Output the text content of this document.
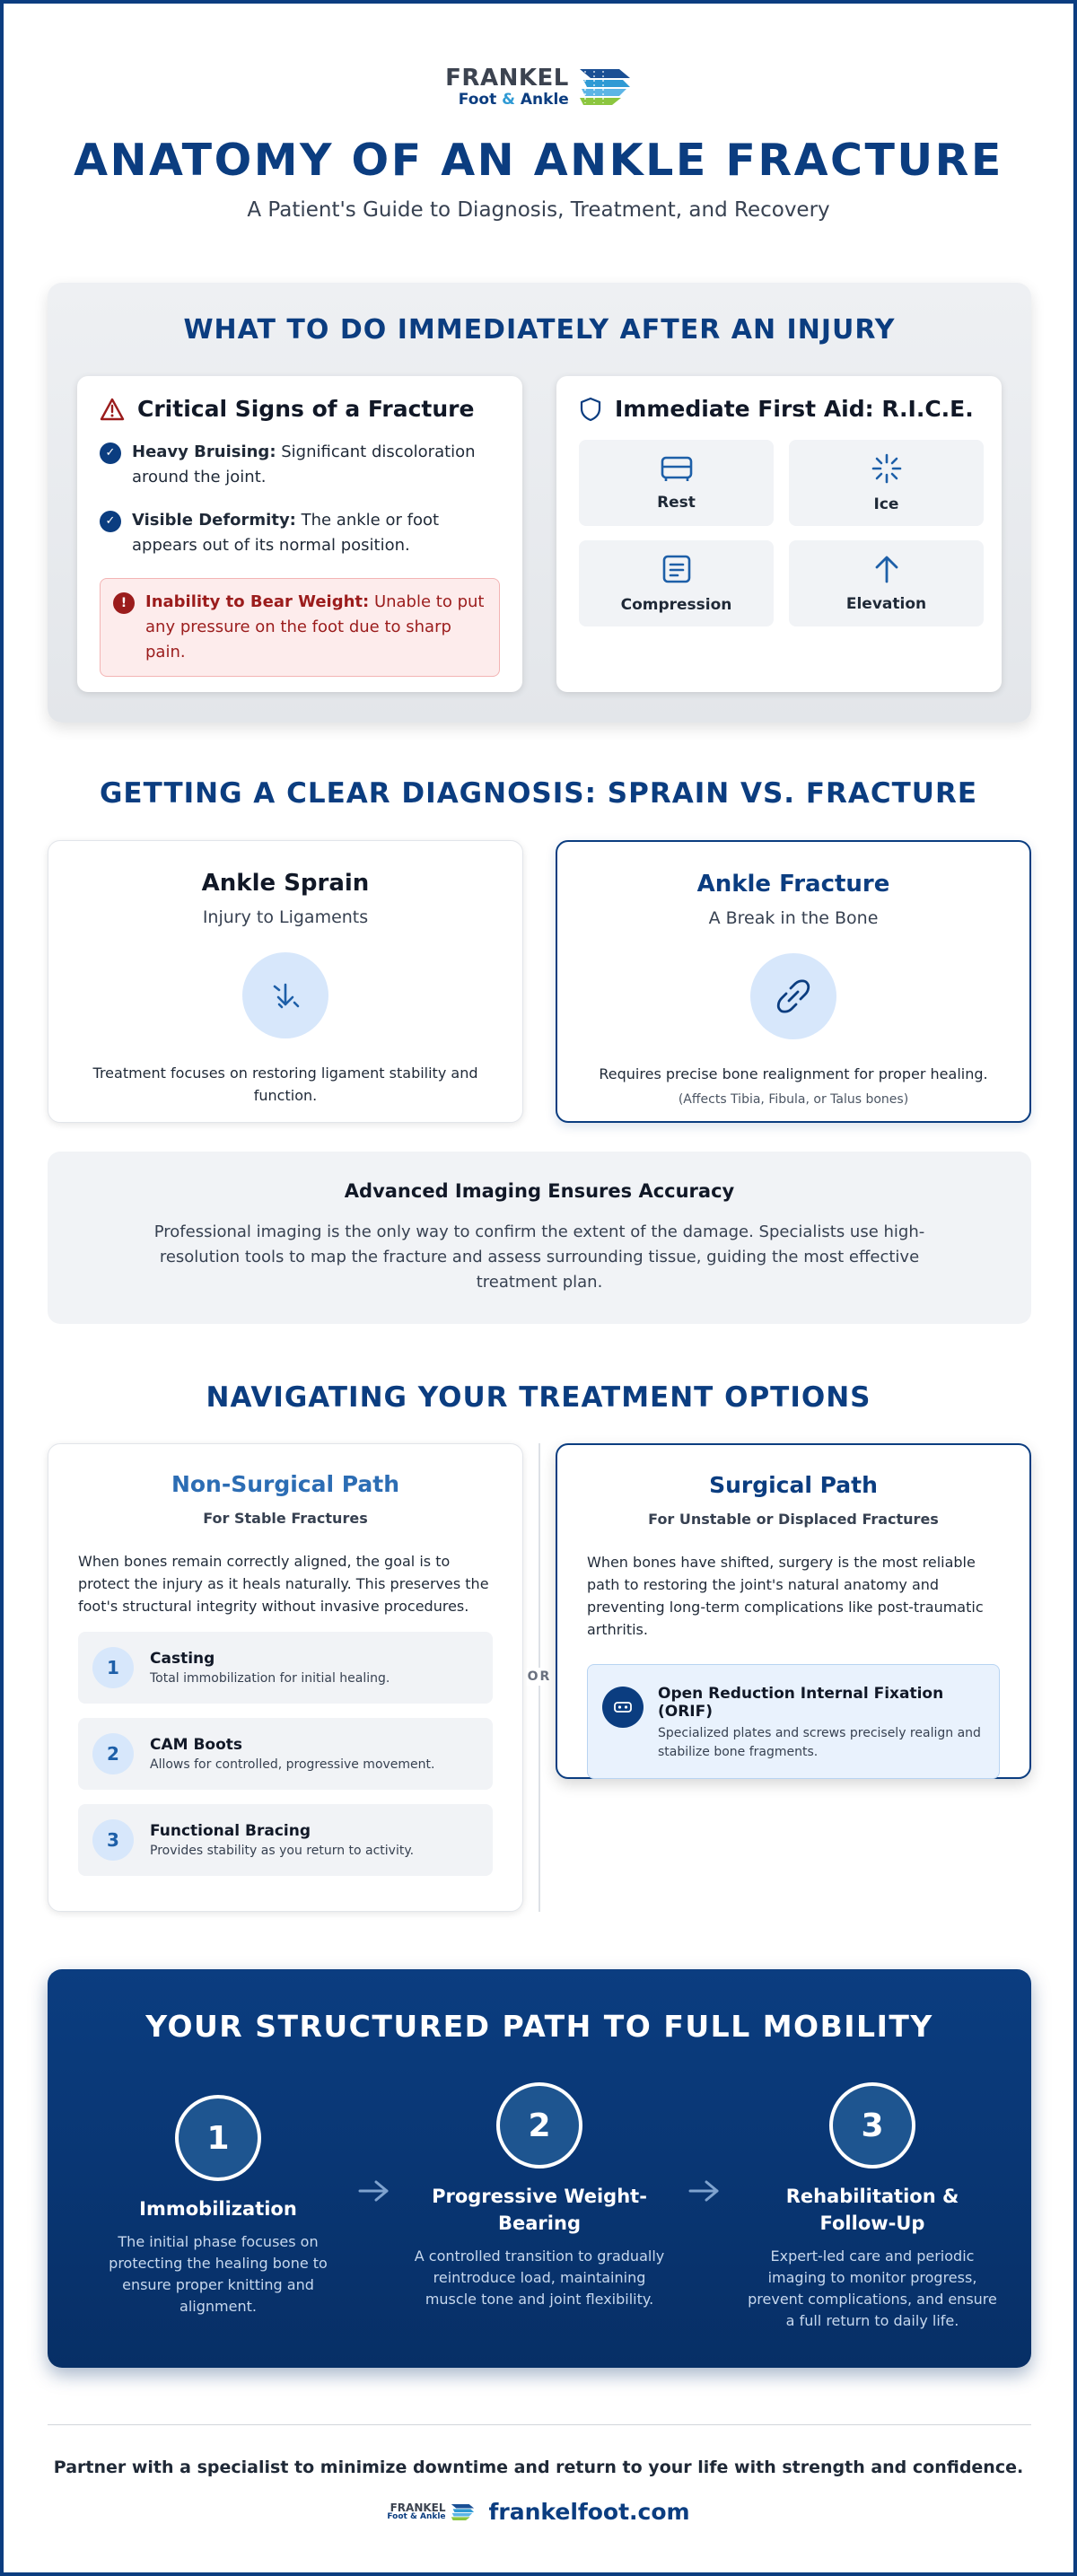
FRANKEL
Foot & Ankle
ANATOMY OF AN ANKLE FRACTURE

A Patient's Guide to Diagnosis, Treatment, and Recovery

WHAT TO DO IMMEDIATELY AFTER AN INJURY
Critical Signs of a Fracture
✓	Heavy Bruising: Significant discoloration around the joint.
✓	Visible Deformity: The ankle or foot appears out of its normal position.
!	Inability to Bear Weight: Unable to put any pressure on the foot due to sharp pain.
Immediate First Aid: R.I.C.E.
Rest	Ice
Compression	Elevation
GETTING A CLEAR DIAGNOSIS: SPRAIN VS. FRACTURE
Ankle Sprain
Injury to Ligaments

Treatment focuses on restoring ligament stability and function.

Ankle Fracture
A Break in the Bone

Requires precise bone realignment for proper healing.

(Affects Tibia, Fibula, or Talus bones)

Advanced Imaging Ensures Accuracy

Professional imaging is the only way to confirm the extent of the damage. Specialists use high-resolution tools to map the fracture and assess surrounding tissue, guiding the most effective treatment plan.

NAVIGATING YOUR TREATMENT OPTIONS
Non-Surgical Path
For Stable Fractures

When bones remain correctly aligned, the goal is to protect the injury as it heals naturally. This preserves the foot's structural integrity without invasive procedures.

1	Casting
Total immobilization for initial healing.
2	CAM Boots
Allows for controlled, progressive movement.
3	Functional Bracing
Provides stability as you return to activity.
OR
Surgical Path
For Unstable or Displaced Fractures

When bones have shifted, surgery is the most reliable path to restoring the joint's natural anatomy and preventing long-term complications like post-traumatic arthritis.

Open Reduction Internal Fixation (ORIF)
Specialized plates and screws precisely realign and stabilize bone fragments.
YOUR STRUCTURED PATH TO FULL MOBILITY
1
Immobilization
The initial phase focuses on protecting the healing bone to ensure proper knitting and alignment.
2
Progressive Weight-Bearing
A controlled transition to gradually reintroduce load, maintaining muscle tone and joint flexibility.
3
Rehabilitation & Follow-Up
Expert-led care and periodic imaging to monitor progress, prevent complications, and ensure a full return to daily life.

Partner with a specialist to minimize downtime and return to your life with strength and confidence.

FRANKEL
Foot & Ankle frankelfoot.com
